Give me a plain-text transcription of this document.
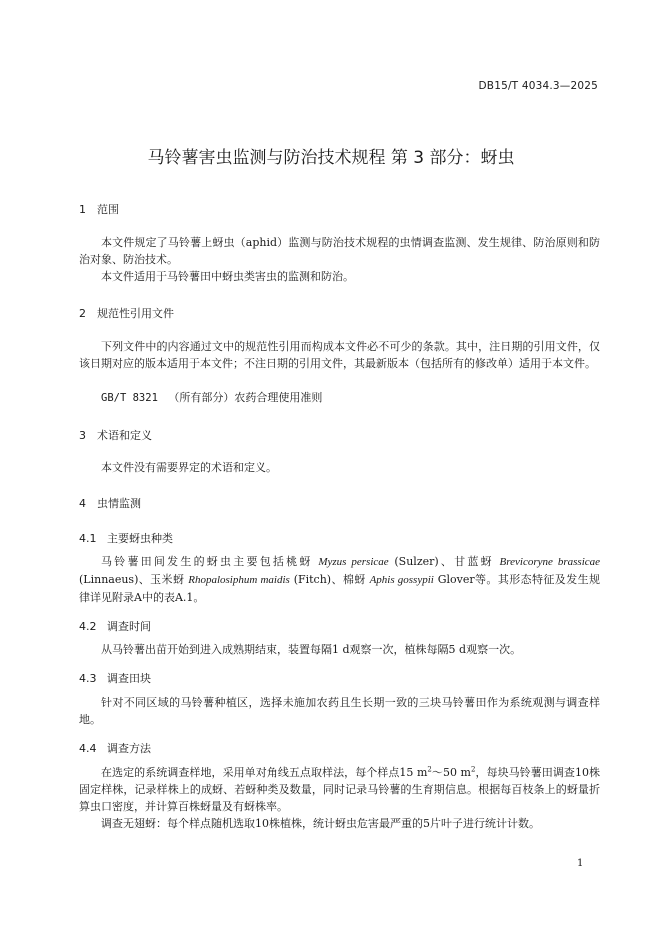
DB15/T 4034.3—2025
马铃薯害虫监测与防治技术规程 第 3 部分：蚜虫
1 范围
本文件规定了马铃薯上蚜虫（aphid）监测与防治技术规程的虫情调查监测、发生规律、防治原则和防治对象、防治技术。
本文件适用于马铃薯田中蚜虫类害虫的监测和防治。
2 规范性引用文件
下列文件中的内容通过文中的规范性引用而构成本文件必不可少的条款。其中，注日期的引用文件，仅该日期对应的版本适用于本文件；不注日期的引用文件，其最新版本（包括所有的修改单）适用于本文件。
GB/T 8321 （所有部分）农药合理使用准则
3 术语和定义
本文件没有需要界定的术语和定义。
4 虫情监测
4.1 主要蚜虫种类
马铃薯田间发生的蚜虫主要包括桃蚜 Myzus persicae (Sulzer)、甘蓝蚜 Brevicoryne brassicae (Linnaeus)、玉米蚜 Rhopalosiphum maidis (Fitch)、棉蚜 Aphis gossypii Glover等。其形态特征及发生规律详见附录A中的表A.1。
4.2 调查时间
从马铃薯出苗开始到进入成熟期结束，装置每隔1 d观察一次，植株每隔5 d观察一次。
4.3 调查田块
针对不同区域的马铃薯种植区，选择未施加农药且生长期一致的三块马铃薯田作为系统观测与调查样地。
4.4 调查方法
在选定的系统调查样地，采用单对角线五点取样法，每个样点15 $m^2\sim 50$ $m^2$，每块马铃薯田调查10株固定样株，记录样株上的成蚜、若蚜种类及数量，同时记录马铃薯的生育期信息。根据每百枝条上的蚜量折算虫口密度，并计算百株蚜量及有蚜株率。
调查无翅蚜：每个样点随机选取10株植株，统计蚜虫危害最严重的5片叶子进行统计计数。
1
